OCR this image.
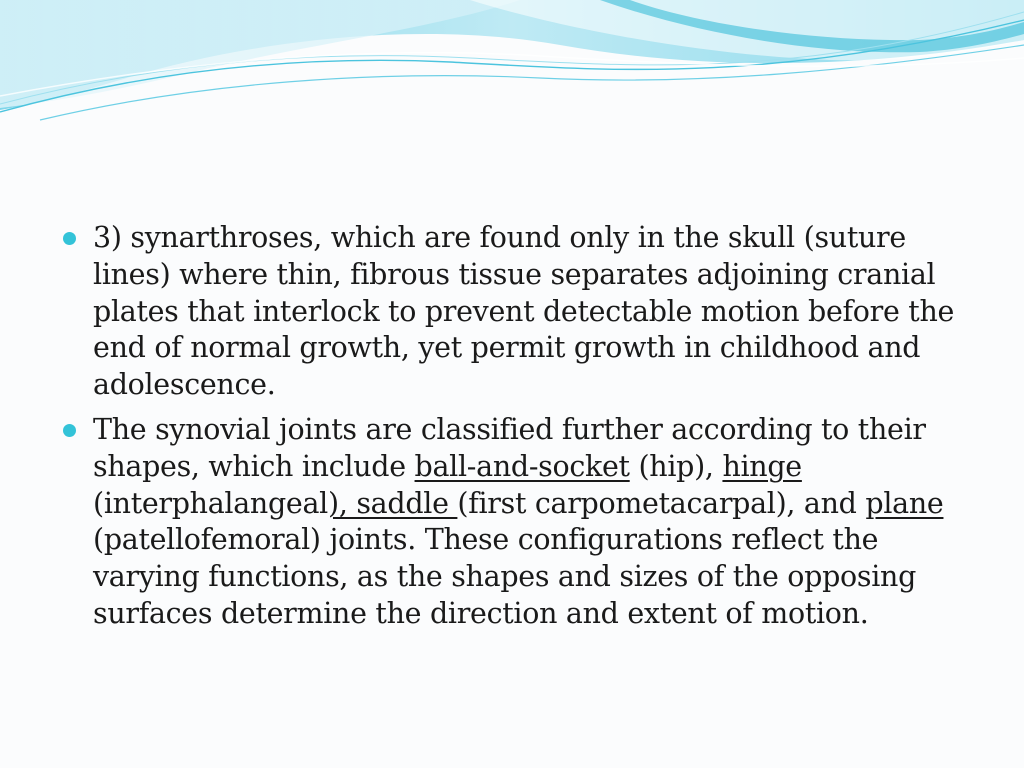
3) synarthroses, which are found only in the skull (suture lines) where thin, fibrous tissue separates adjoining cranial plates that interlock to prevent detectable motion before the end of normal growth, yet permit growth in childhood and adolescence.
The synovial joints are classified further according to their shapes, which include ball-and-socket (hip), hinge (interphalangeal), saddle (first carpometacarpal), and plane (patellofemoral) joints. These configurations reflect the varying functions, as the shapes and sizes of the opposing surfaces determine the direction and extent of motion.
